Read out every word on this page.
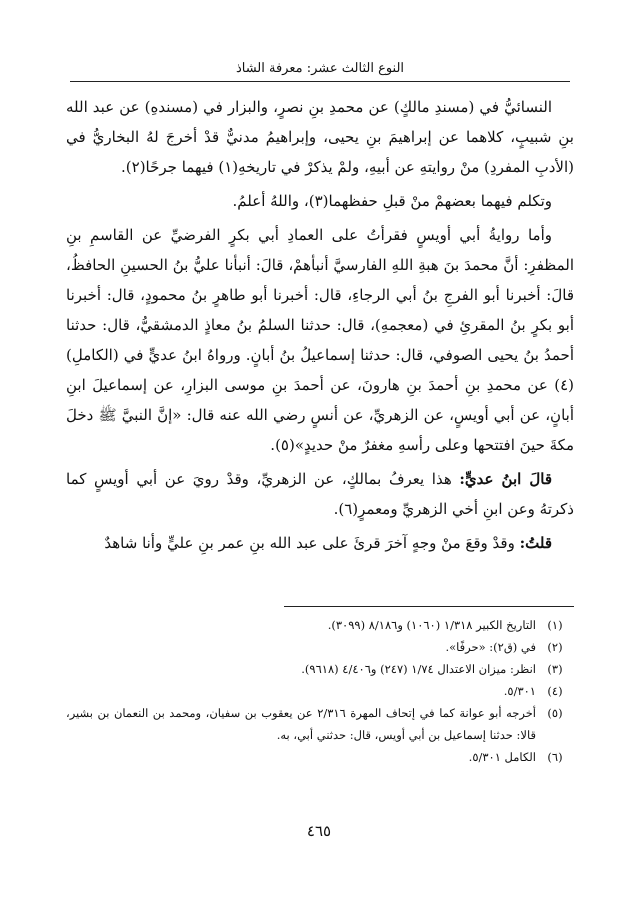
النوع الثالث عشر: معرفة الشاذ

النسائيُّ في (مسندِ مالكٍ) عن محمدِ بنِ نصرٍ، والبزار في (مسندهِ) عن عبد الله بنِ شبيبٍ، كلاهما عن إبراهيمَ بنِ يحيى، وإبراهيمُ مدنيٌّ قدْ أخرجَ لهُ البخاريُّ في (الأدبِ المفردِ) منْ روايتهِ عن أبيهِ، ولمْ يذكرْ في تاريخهِ(١) فيهما جرحًا(٢).

وتكلم فيهما بعضهمْ منْ قبلِ حفظهما(٣)، واللهُ أعلمُ.

وأما روايةُ أبي أويسٍ فقرأتُ على العمادِ أبي بكرٍ الفرضيِّ عن القاسمِ بنِ المظفرِ: أنَّ محمدَ بنَ هبةِ اللهِ الفارسيَّ أنبأهمْ، قالَ: أنبأنا عليُّ بنُ الحسينِ الحافظُ، قالَ: أخبرنا أبو الفرجِ بنُ أبي الرجاءِ، قال: أخبرنا أبو طاهرٍ بنُ محمودٍ، قال: أخبرنا أبو بكرٍ بنُ المقرئِ في (معجمهِ)، قال: حدثنا السلمُ بنُ معاذٍ الدمشقيُّ، قال: حدثنا أحمدُ بنُ يحيى الصوفي، قال: حدثنا إسماعيلُ بنُ أبانٍ. ورواهُ ابنُ عديٍّ في (الكاملِ)(٤) عن محمدِ بنِ أحمدَ بنِ هارونَ، عن أحمدَ بنِ موسى البزارِ، عن إسماعيلَ ابنِ أبانٍ، عن أبي أويسٍ، عن الزهريِّ، عن أنسٍ رضي الله عنه قال: «إنَّ النبيَّ ﷺ دخلَ مكةَ حينَ افتتحها وعلى رأسهِ مغفرٌ منْ حديدٍ»(٥).

قالَ ابنُ عديٍّ: هذا يعرفُ بمالكٍ، عن الزهريِّ، وقدْ رويَ عن أبي أويسٍ كما ذكرتهُ وعن ابنِ أخي الزهريِّ ومعمرٍ(٦).

قلتُ: وقدْ وقعَ منْ وجهٍ آخرَ قرئَ على عبد الله بنِ عمر بنِ عليٍّ وأنا شاهدٌ

(١)
التاريخ الكبير ١/٣١٨ (١٠٦٠) و٨/١٨٦ (٣٠٩٩).
(٢)
في (ق٢): «حرفًا».
(٣)
انظر: ميزان الاعتدال ١/٧٤ (٢٤٧) و٤/٤٠٦ (٩٦١٨).
(٤)
٥/٣٠١.
(٥)
أخرجه أبو عوانة كما في إتحاف المهرة ٢/٣١٦ عن يعقوب بن سفيان، ومحمد بن النعمان بن بشير، قالا: حدثنا إسماعيل بن أبي أويس، قال: حدثني أبي، به.
(٦)
الكامل ٥/٣٠١.
٤٦٥
